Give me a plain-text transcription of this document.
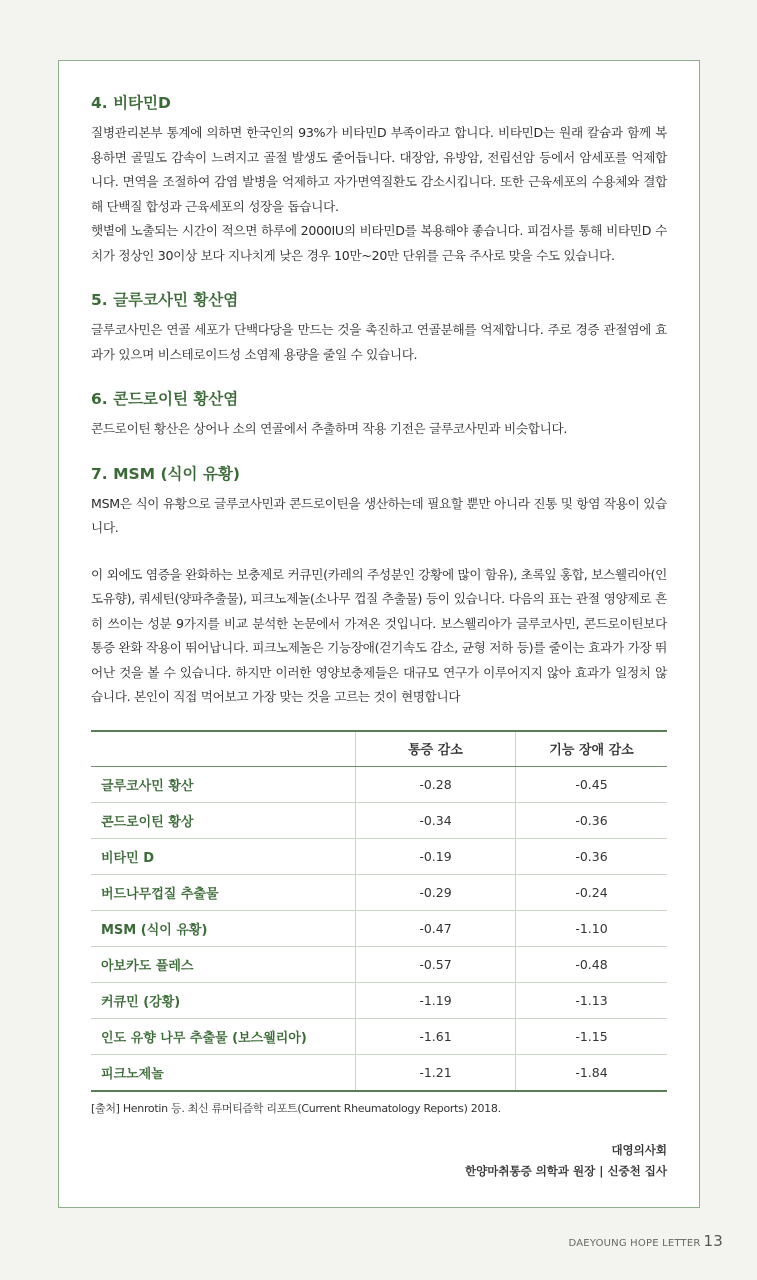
4. 비타민D

질병관리본부 통계에 의하면 한국인의 93%가 비타민D 부족이라고 합니다. 비타민D는 원래 칼슘과 함께 복용하면 골밀도 감속이 느려지고 골절 발생도 줄어듭니다. 대장암, 유방암, 전립선암 등에서 암세포를 억제합니다. 면역을 조절하여 감염 발병을 억제하고 자가면역질환도 감소시킵니다. 또한 근육세포의 수용체와 결합해 단백질 합성과 근육세포의 성장을 돕습니다.

햇볕에 노출되는 시간이 적으면 하루에 2000IU의 비타민D를 복용해야 좋습니다. 피검사를 통해 비타민D 수치가 정상인 30이상 보다 지나치게 낮은 경우 10만~20만 단위를 근육 주사로 맞을 수도 있습니다.

5. 글루코사민 황산염

글루코사민은 연골 세포가 단백다당을 만드는 것을 촉진하고 연골분해를 억제합니다. 주로 경증 관절염에 효과가 있으며 비스테로이드성 소염제 용량을 줄일 수 있습니다.

6. 콘드로이틴 황산염

콘드로이틴 황산은 상어나 소의 연골에서 추출하며 작용 기전은 글루코사민과 비슷합니다.

7. MSM (식이 유황)

MSM은 식이 유황으로 글루코사민과 콘드로이틴을 생산하는데 필요할 뿐만 아니라 진통 및 항염 작용이 있습니다.

이 외에도 염증을 완화하는 보충제로 커큐민(카레의 주성분인 강황에 많이 함유), 초록잎 홍합, 보스웰리아(인도유향), 쿼세틴(양파추출물), 피크노제놀(소나무 껍질 추출물) 등이 있습니다. 다음의 표는 관절 영양제로 흔히 쓰이는 성분 9가지를 비교 분석한 논문에서 가져온 것입니다. 보스웰리아가 글루코사민, 콘드로이틴보다 통증 완화 작용이 뛰어납니다. 피크노제놀은 기능장애(걷기속도 감소, 균형 저하 등)를 줄이는 효과가 가장 뛰어난 것을 볼 수 있습니다. 하지만 이러한 영양보충제들은 대규모 연구가 이루어지지 않아 효과가 일정치 않습니다. 본인이 직접 먹어보고 가장 맞는 것을 고르는 것이 현명합니다

	통증 감소	기능 장애 감소
글루코사민 황산	-0.28	-0.45
콘드로이틴 황상	-0.34	-0.36
비타민 D	-0.19	-0.36
버드나무껍질 추출물	-0.29	-0.24
MSM (식이 유황)	-0.47	-1.10
아보카도 플레스	-0.57	-0.48
커큐민 (강황)	-1.19	-1.13
인도 유향 나무 추출물 (보스웰리아)	-1.61	-1.15
피크노제놀	-1.21	-1.84
[출처] Henrotin 등. 최신 류머티즘학 리포트(Current Rheumatology Reports) 2018.
대영의사회
한양마취통증 의학과 원장 | 신중천 집사
DAEYOUNG HOPE LETTER 13
